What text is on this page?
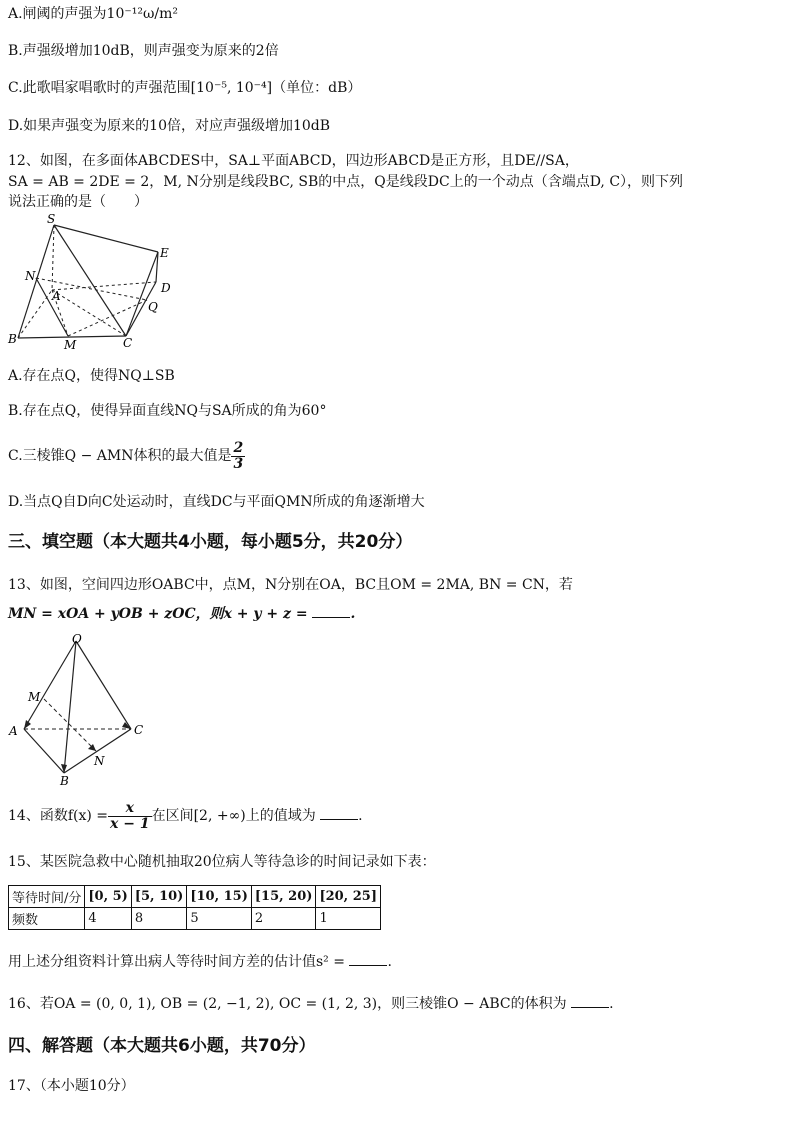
A.闸阈的声强为10⁻¹²ω/m²
B.声强级增加10dB，则声强变为原来的2倍
C.此歌唱家唱歌时的声强范围[10⁻⁵, 10⁻⁴]（单位：dB）
D.如果声强变为原来的10倍，对应声强级增加10dB
12、如图，在多面体ABCDES中，SA⊥平面ABCD，四边形ABCD是正方形，且DE//SA，
SA = AB = 2DE = 2，M, N分别是线段BC, SB的中点，Q是线段DC上的一个动点（含端点D, C），则下列
说法正确的是（　　）
S
E
N
A
D
Q
B	M	C
A.存在点Q，使得NQ⊥SB
B.存在点Q，使得异面直线NQ与SA所成的角为60°
C.三棱锥Q − AMN体积的最大值是 $\frac{2}{3}$
D.当点Q自D向C处运动时，直线DC与平面QMN所成的角逐渐增大
三、填空题（本大题共4小题，每小题5分，共20分）
13、如图，空间四边形OABC中，点M，N分别在OA，BC且OM = 2MA, BN = CN，若
MN = xOA + yOB + zOC，则x + y + z =	.
O
M
A	C
N
B
14、函数$f(x) = \frac{x}{x - 1}$ 在区间[2, +∞)上的值域为	.
15、某医院急救中心随机抽取20位病人等待急诊的时间记录如下表：
等待时间/分	[0, 5)	[5, 10)	[10, 15)	[15, 20)	[20, 25]
频数	4	8	5	2	1
用上述分组资料计算出病人等待时间方差的估计值s² =	.
16、若OA = (0, 0, 1), OB = (2, −1, 2), OC = (1, 2, 3)，则三棱锥O − ABC的体积为	.
四、解答题（本大题共6小题，共70分）
17、（本小题10分）
